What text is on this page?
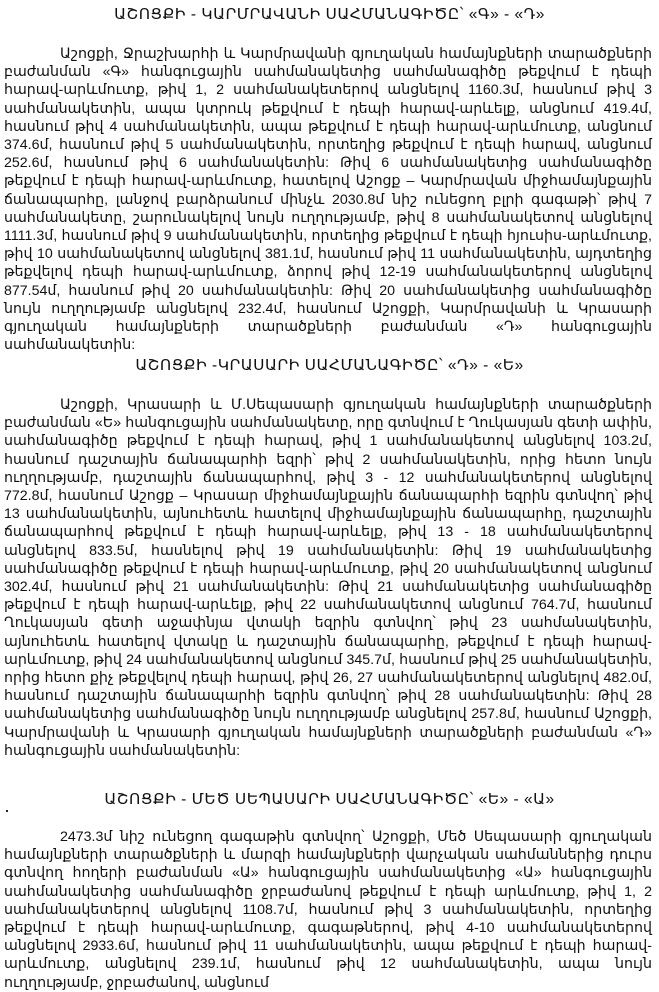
ԱՇՈՑՔԻ - ԿԱՐՄՐԱՎԱՆԻ ՍԱՀՄԱՆԱԳԻԾԸ՝ «Գ» - «Դ»

Աշոցքի, Ջրաշխարհի և Կարմրավանի գյուղական համայնքների տարածքների բաժանման «Գ» հանգուցային սահմանակետից սահմանագիծը թեքվում է դեպի հարավ-արևմուտք, թիվ 1, 2 սահմանակետերով անցնելով 1160.3մ, հասնում թիվ 3 սահմանակետին, ապա կտրուկ թեքվում է դեպի հարավ-արևելք, անցնում 419.4մ, հասնում թիվ 4 սահմանակետին, ապա թեքվում է դեպի հարավ-արևմուտք, անցնում 374.6մ, հասնում թիվ 5 սահմանակետին, որտեղից թեքվում է դեպի հարավ, անցնում 252.6մ, հասնում թիվ 6 սահմանակետին: Թիվ 6 սահմանակետից սահմանագիծը թեքվում է դեպի հարավ-արևմուտք, հատելով Աշոցք – Կարմրավան միջհամայնքային ճանապարհը, լանջով բարձրանում մինչև 2030.8մ նիշ ունեցող բլրի գագաթի՝ թիվ 7 սահմանակետը, շարունակելով նույն ուղղությամբ, թիվ 8 սահմանակետով անցնելով 1111.3մ, հասնում թիվ 9 սահմանակետին, որտեղից թեքվում է դեպի հյուսիս-արևմուտք, թիվ 10 սահմանակետով անցնելով 381.1մ, հասնում թիվ 11 սահմանակետին, այդտեղից թեքվելով դեպի հարավ-արևմուտք, ձորով թիվ 12-19 սահմանակետերով անցնելով 877.54մ, հասնում թիվ 20 սահմանակետին: Թիվ 20 սահմանակետից սահմանագիծը նույն ուղղությամբ անցնելով 232.4մ, հասնում Աշոցքի, Կարմրավանի և Կրասարի գյուղական համայնքների տարածքների բաժանման «Դ» հանգուցային սահմանակետին:

ԱՇՈՑՔԻ -ԿՐԱՍԱՐԻ ՍԱՀՄԱՆԱԳԻԾԸ՝ «Դ» - «Ե»

Աշոցքի, Կրասարի և Մ.Սեպասարի գյուղական համայնքների տարածքների բաժանման «Ե» հանգուցային սահմանակետը, որը գտնվում է Ղուկասյան գետի ափին, սահմանագիծը թեքվում է դեպի հարավ, թիվ 1 սահմանակետով անցնելով 103.2մ, հասնում դաշտային ճանապարհի եզրի՝ թիվ 2 սահմանակետին, որից հետո նույն ուղղությամբ, դաշտային ճանապարհով, թիվ 3 - 12 սահմանակետերով անցնելով 772.8մ, հասնում Աշոցք – Կրասար միջհամայնքային ճանապարհի եզրին գտնվող՝ թիվ 13 սահմանակետին, այնուհետև հատելով միջհամայնքային ճանապարհը, դաշտային ճանապարհով թեքվում է դեպի հարավ-արևելք, թիվ 13 - 18 սահմանակետերով անցնելով 833.5մ, հասնելով թիվ 19 սահմանակետին: Թիվ 19 սահմանակետից սահմանագիծը թեքվում է դեպի հարավ-արևմուտք, թիվ 20 սահմանակետով անցնում 302.4մ, հասնում թիվ 21 սահմանակետին: Թիվ 21 սահմանակետից սահմանագիծը թեքվում է դեպի հարավ-արևելք, թիվ 22 սահմանակետով անցնում 764.7մ, հասնում Ղուկասյան գետի աջափնյա վտակի եզրին գտնվող՝ թիվ 23 սահմանակետին, այնուհետև հատելով վտակը և դաշտային ճանապարհը, թեքվում է դեպի հարավ-արևմուտք, թիվ 24 սահմանակետով անցնում 345.7մ, հասնում թիվ 25 սահմանակետին, որից հետո քիչ թեքվելով դեպի հարավ, թիվ 26, 27 սահմանակետերով անցնելով 482.0մ, հասնում դաշտային ճանապարհի եզրին գտնվող՝ թիվ 28 սահմանակետին: Թիվ 28 սահմանակետից սահմանագիծը նույն ուղղությամբ անցնելով 257.8մ, հասնում Աշոցքի, Կարմրավանի և Կրասարի գյուղական համայնքների տարածքների բաժանման «Դ» հանգուցային սահմանակետին:

ԱՇՈՑՔԻ - ՄԵԾ ՍԵՊԱՍԱՐԻ ՍԱՀՄԱՆԱԳԻԾԸ՝ «Ե» - «Ա»

2473.3մ նիշ ունեցող գագաթին գտնվող՝ Աշոցքի, Մեծ Սեպասարի գյուղական համայնքների տարածքների և մարզի համայնքների վարչական սահմաններից դուրս գտնվող հողերի բաժանման «Ա» հանգուցային սահմանակետից «Ա» հանգուցային սահմանակետից սահմանագիծը ջրբաժանով թեքվում է դեպի արևմուտք, թիվ 1, 2 սահմանակետերով անցնելով 1108.7մ, հասնում թիվ 3 սահմանակետին, որտեղից թեքվում է դեպի հարավ-արևմուտք, գագաթներով, թիվ 4-10 սահմանակետերով անցնելով 2933.6մ, հասնում թիվ 11 սահմանակետին, ապա թեքվում է դեպի հարավ-արևմուտք, անցնելով 239.1մ, հասնում թիվ 12 սահմանակետին, ապա նույն ուղղությամբ, ջրբաժանով, անցնում
